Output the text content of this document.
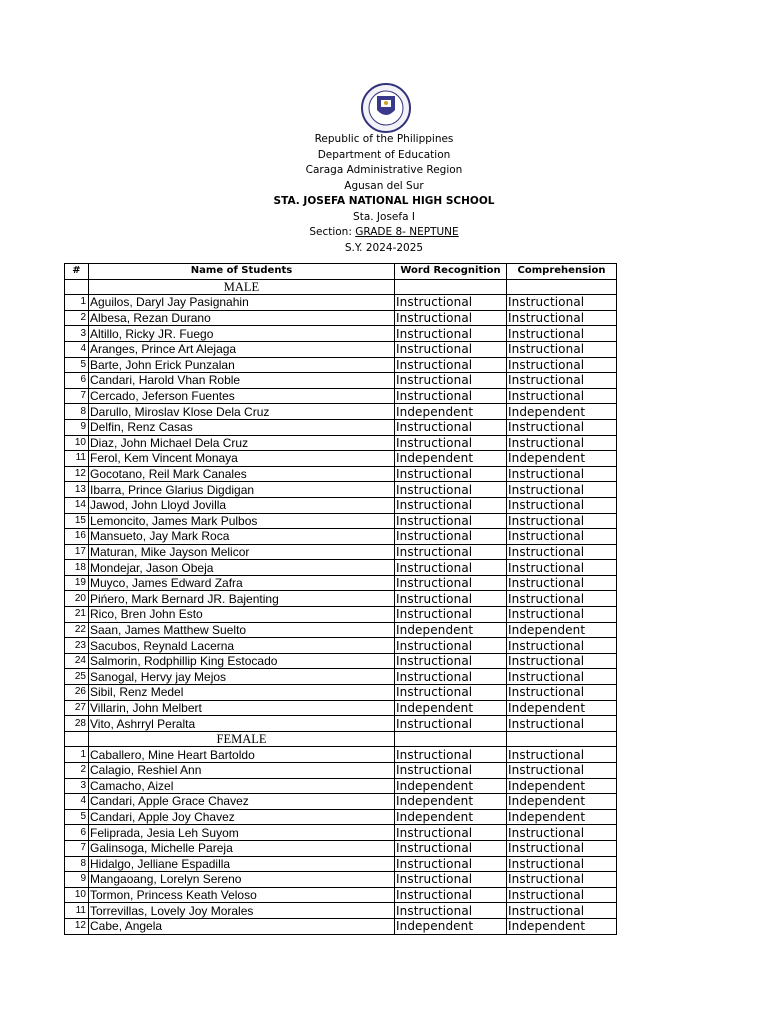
Republic of the Philippines
Department of Education
Caraga Administrative Region
Agusan del Sur
STA. JOSEFA NATIONAL HIGH SCHOOL
Sta. Josefa I
Section: GRADE 8- NEPTUNE
S.Y. 2024-2025
#	Name of Students	Word Recognition	Comprehension
	MALE		
1	Aguilos, Daryl Jay Pasignahin	Instructional	Instructional
2	Albesa, Rezan Durano	Instructional	Instructional
3	Altillo, Ricky JR. Fuego	Instructional	Instructional
4	Aranges, Prince Art Alejaga	Instructional	Instructional
5	Barte, John Erick Punzalan	Instructional	Instructional
6	Candari, Harold Vhan Roble	Instructional	Instructional
7	Cercado, Jeferson Fuentes	Instructional	Instructional
8	Darullo, Miroslav Klose Dela Cruz	Independent	Independent
9	Delfin, Renz Casas	Instructional	Instructional
10	Diaz, John Michael Dela Cruz	Instructional	Instructional
11	Ferol, Kem Vincent Monaya	Independent	Independent
12	Gocotano, Reil Mark Canales	Instructional	Instructional
13	Ibarra, Prince Glarius Digdigan	Instructional	Instructional
14	Jawod, John Lloyd Jovilla	Instructional	Instructional
15	Lemoncito, James Mark Pulbos	Instructional	Instructional
16	Mansueto, Jay Mark Roca	Instructional	Instructional
17	Maturan, Mike Jayson Melicor	Instructional	Instructional
18	Mondejar, Jason Obeja	Instructional	Instructional
19	Muyco, James Edward Zafra	Instructional	Instructional
20	Pińero, Mark Bernard JR. Bajenting	Instructional	Instructional
21	Rico, Bren John Esto	Instructional	Instructional
22	Saan, James Matthew Suelto	Independent	Independent
23	Sacubos, Reynald Lacerna	Instructional	Instructional
24	Salmorin, Rodphillip King Estocado	Instructional	Instructional
25	Sanogal, Hervy jay Mejos	Instructional	Instructional
26	Sibil, Renz Medel	Instructional	Instructional
27	Villarin, John Melbert	Independent	Independent
28	Vito, Ashrryl Peralta	Instructional	Instructional
	FEMALE		
1	Caballero, Mine Heart Bartoldo	Instructional	Instructional
2	Calagio, Reshiel Ann	Instructional	Instructional
3	Camacho, Aizel	Independent	Independent
4	Candari, Apple Grace Chavez	Independent	Independent
5	Candari, Apple Joy Chavez	Independent	Independent
6	Felipradа, Jesia Leh Suyom	Instructional	Instructional
7	Galinsoga, Michelle Pareja	Instructional	Instructional
8	Hidalgo, Jelliane Espadilla	Instructional	Instructional
9	Mangaoang, Lorelyn Sereno	Instructional	Instructional
10	Tormon, Princess Keath Veloso	Instructional	Instructional
11	Torrevillas, Lovely Joy Morales	Instructional	Instructional
12	Cabe, Angela	Independent	Independent
